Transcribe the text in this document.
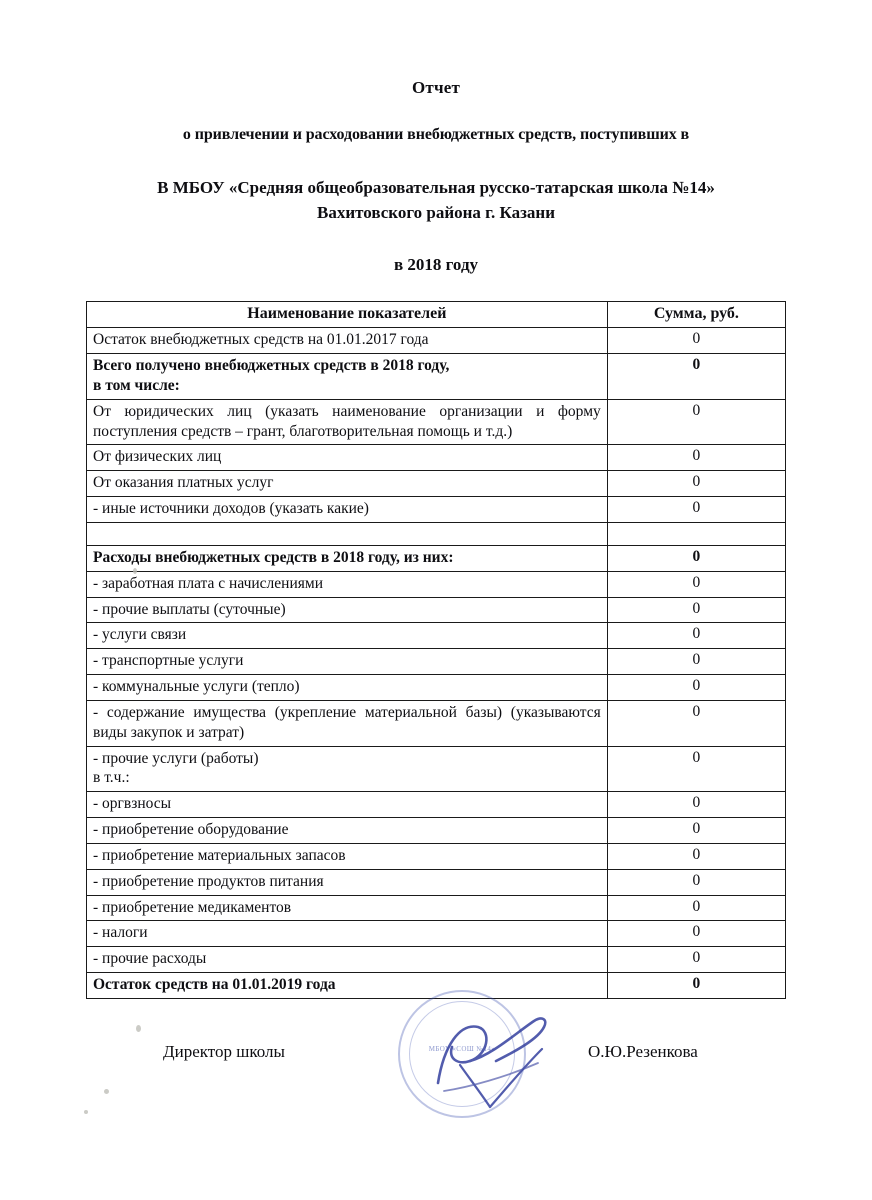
Отчет
о привлечении и расходовании внебюджетных средств, поступивших в
В МБОУ «Средняя общеобразовательная русско-татарская школа №14»
Вахитовского района г. Казани
в 2018 году
Наименование показателей	Сумма, руб.
Остаток внебюджетных средств на 01.01.2017 года	0
Всего получено внебюджетных средств в 2018 году,
в том числе:	0
От юридических лиц (указать наименование организации и форму поступления средств – грант, благотворительная помощь и т.д.)	0
От физических лиц	0
От оказания платных услуг	0
- иные источники доходов (указать какие)	0

Расходы внебюджетных средств в 2018 году, из них:	0
- заработная плата с начислениями	0
- прочие выплаты (суточные)	0
- услуги связи	0
- транспортные услуги	0
- коммунальные услуги (тепло)	0
- содержание имущества (укрепление материальной базы) (указываются виды закупок и затрат)	0
- прочие услуги (работы)
в т.ч.:	0
- оргвзносы	0
- приобретение оборудование	0
- приобретение материальных запасов	0
- приобретение продуктов питания	0
- приобретение медикаментов	0
- налоги	0
- прочие расходы	0
Остаток средств на 01.01.2019 года	0
Директор школы	О.Ю.Резенкова
МБОУ «СОШ №14»
